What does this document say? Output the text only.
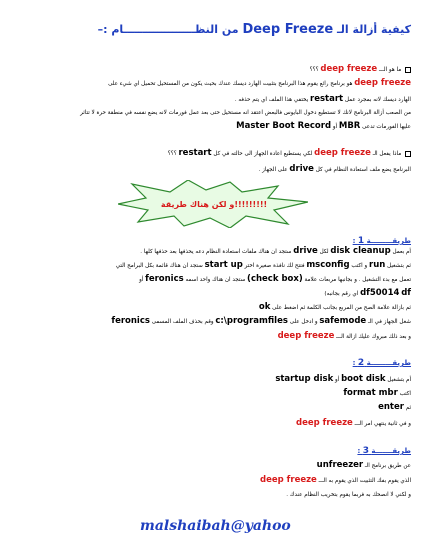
كيفية أزالة الـ Deep Freeze من النظـــــــــــــــــــام :–
ما هو الـــ deep freeze ؟؟؟
deep freeze هو برنامج رائع يقوم هذا البرنامج بتثبيت الهارد ديسك عندك بحيث يكون من المستحيل تحميل اي شيء على
الهارد ديسك لانه بمجرد عمل restart يختفي هذا الملف اي يتم حذفه .
من الصعب أزالة البرنامج لانك لا تستطيع دخول البايوس فالبعض اعتقد انه مستحيل حتى بعد عمل فورمات لانه يضع نفسه في منطقة حرة لا تتاثر
عليها الفورمات تدعى MBR أو Master Boot Record
ماذا يفعل الـ deep freeze لكي يستطيع اعادة الجهاز الى حالته في كل restart ؟؟؟
البرنامج يضع ملف استعادة النظام في كل drive على الجهاز .
و لكن هناك طريقة!!!!!!!!!
طريقـــــــــة 1 :
أم بعمل disk cleanup لكل drive ستجد ان هناك ملفات استعادة النظام دعه يحذفها بعد حذفها كلها .
ثم بتشغيل run و اكتب msconfig فتتح لك نافذة صغيرة اختر start up ستجد ان هناك قائمة بكل البرامج التي
تعمل مع بدء التشغيل . و بجانبها مربعات علامة (check box) ستجد ان هناك واحد اسمه feronics أو
df50014 df اي رقم بجانبه)
ثم بازالة علامة الصح من المربع بجانب الكلمة ثم اضغط على ok
شغل الجهاز في الـ safemode و ادخل على c:\programfiles وقم بحذف الملف المسمى feronics
و بعد ذلك مبروك عليك ازالة الـــ deep freeze
طريقـــــــــة 2 :
أم بتشغيل boot disk أو startup disk
اكتب format mbr
ثم enter
و في ثانية ينتهي امر الـــ deep freeze
طريقـــــــة 3 :
عن طريق برنامج الـ unfreezer
الذي يقوم بفك التثبيت الذي يقوم به الـــ deep freeze
و لكني لا انصحك به فربما يقوم بتخريب النظام عندك .
malshaibah@yahoo
